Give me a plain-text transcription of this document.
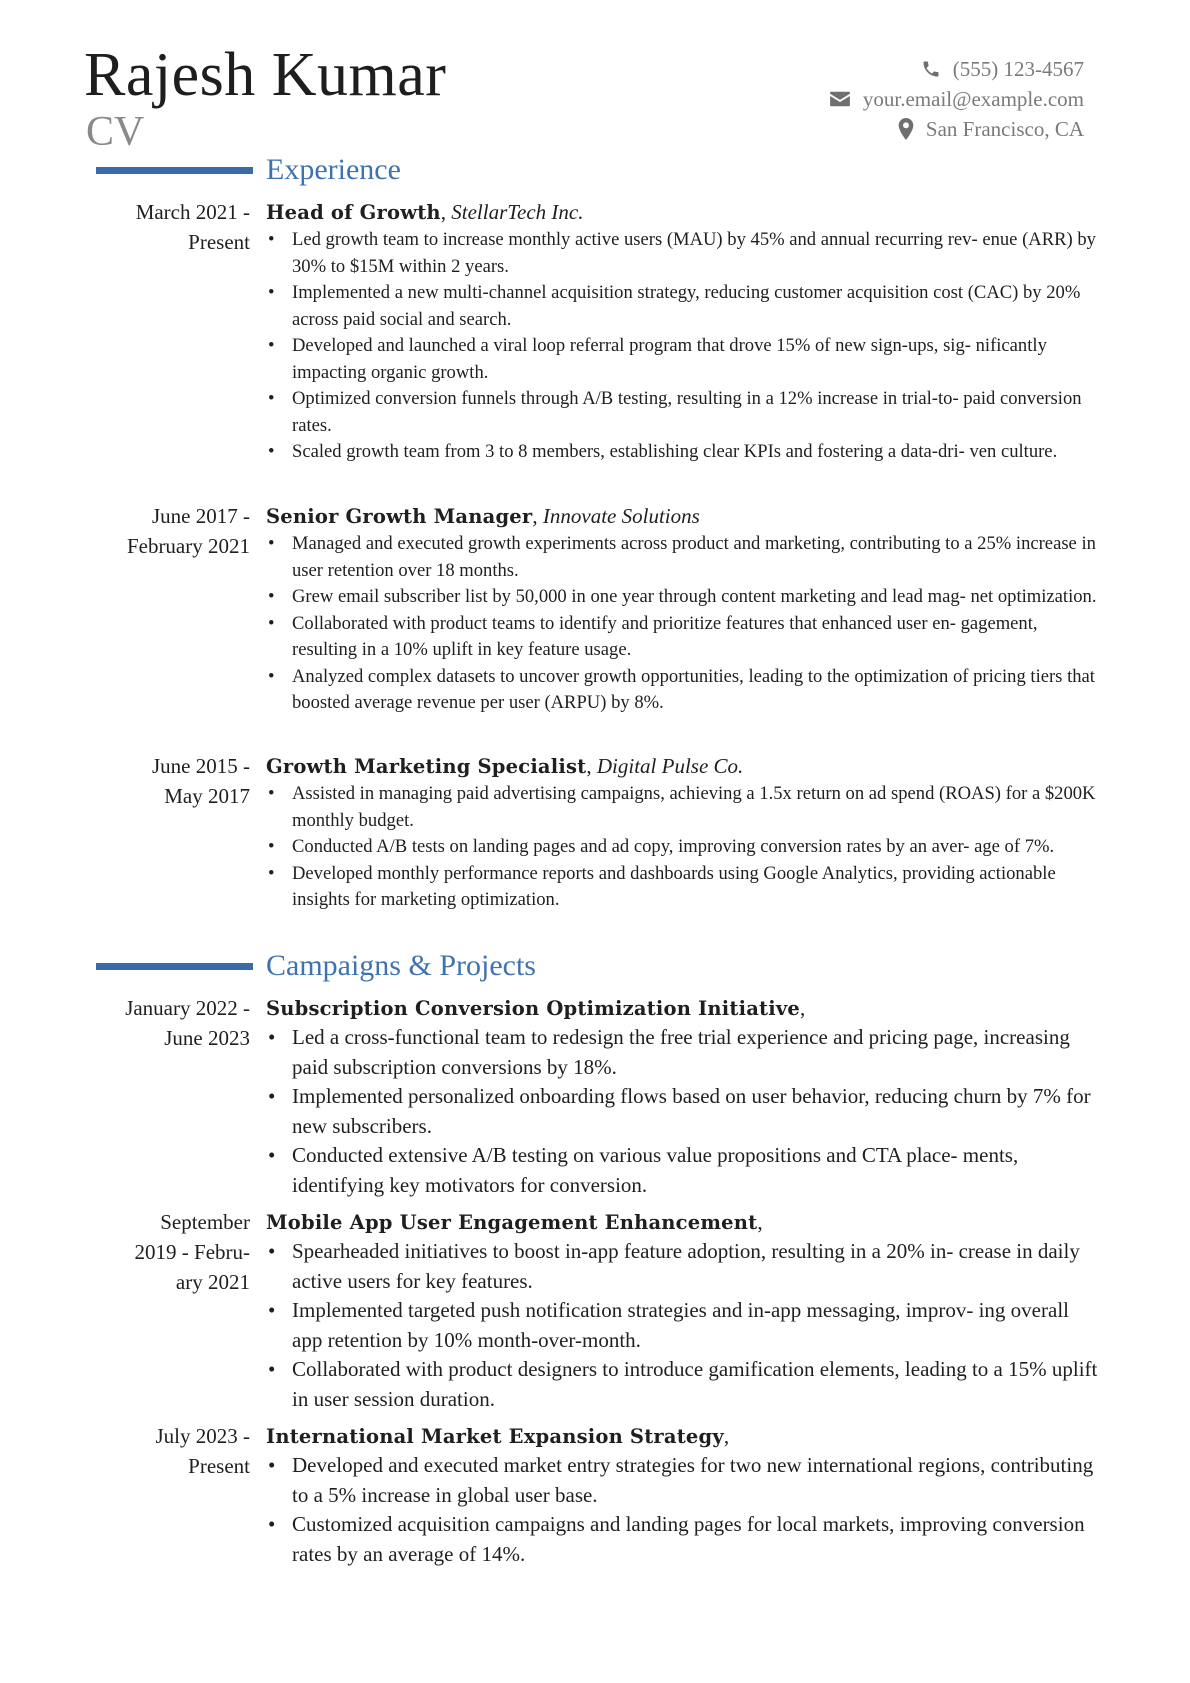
Rajesh Kumar
CV
(555) 123-4567
your.email@example.com
San Francisco, CA
Experience
March 2021 -
Present
Head of Growth, StellarTech Inc.
• Led growth team to increase monthly active users (MAU) by 45% and annual recurring rev- enue (ARR) by 30% to $15M within 2 years.
• Implemented a new multi-channel acquisition strategy, reducing customer acquisition cost (CAC) by 20% across paid social and search.
• Developed and launched a viral loop referral program that drove 15% of new sign-ups, sig- nificantly impacting organic growth.
• Optimized conversion funnels through A/B testing, resulting in a 12% increase in trial-to- paid conversion rates.
• Scaled growth team from 3 to 8 members, establishing clear KPIs and fostering a data-dri- ven culture.
June 2017 -
February 2021
Senior Growth Manager, Innovate Solutions
• Managed and executed growth experiments across product and marketing, contributing to a 25% increase in user retention over 18 months.
• Grew email subscriber list by 50,000 in one year through content marketing and lead mag- net optimization.
• Collaborated with product teams to identify and prioritize features that enhanced user en- gagement, resulting in a 10% uplift in key feature usage.
• Analyzed complex datasets to uncover growth opportunities, leading to the optimization of pricing tiers that boosted average revenue per user (ARPU) by 8%.
June 2015 -
May 2017
Growth Marketing Specialist, Digital Pulse Co.
• Assisted in managing paid advertising campaigns, achieving a 1.5x return on ad spend (ROAS) for a $200K monthly budget.
• Conducted A/B tests on landing pages and ad copy, improving conversion rates by an aver- age of 7%.
• Developed monthly performance reports and dashboards using Google Analytics, providing actionable insights for marketing optimization.
Campaigns & Projects
January 2022 -
June 2023
Subscription Conversion Optimization Initiative,
• Led a cross-functional team to redesign the free trial experience and pricing page, increasing paid subscription conversions by 18%.
• Implemented personalized onboarding flows based on user behavior, reducing churn by 7% for new subscribers.
• Conducted extensive A/B testing on various value propositions and CTA place- ments, identifying key motivators for conversion.
September
2019 - Febru-
ary 2021
Mobile App User Engagement Enhancement,
• Spearheaded initiatives to boost in-app feature adoption, resulting in a 20% in- crease in daily active users for key features.
• Implemented targeted push notification strategies and in-app messaging, improv- ing overall app retention by 10% month-over-month.
• Collaborated with product designers to introduce gamification elements, leading to a 15% uplift in user session duration.
July 2023 -
Present
International Market Expansion Strategy,
• Developed and executed market entry strategies for two new international regions, contributing to a 5% increase in global user base.
• Customized acquisition campaigns and landing pages for local markets, improving conversion rates by an average of 14%.
